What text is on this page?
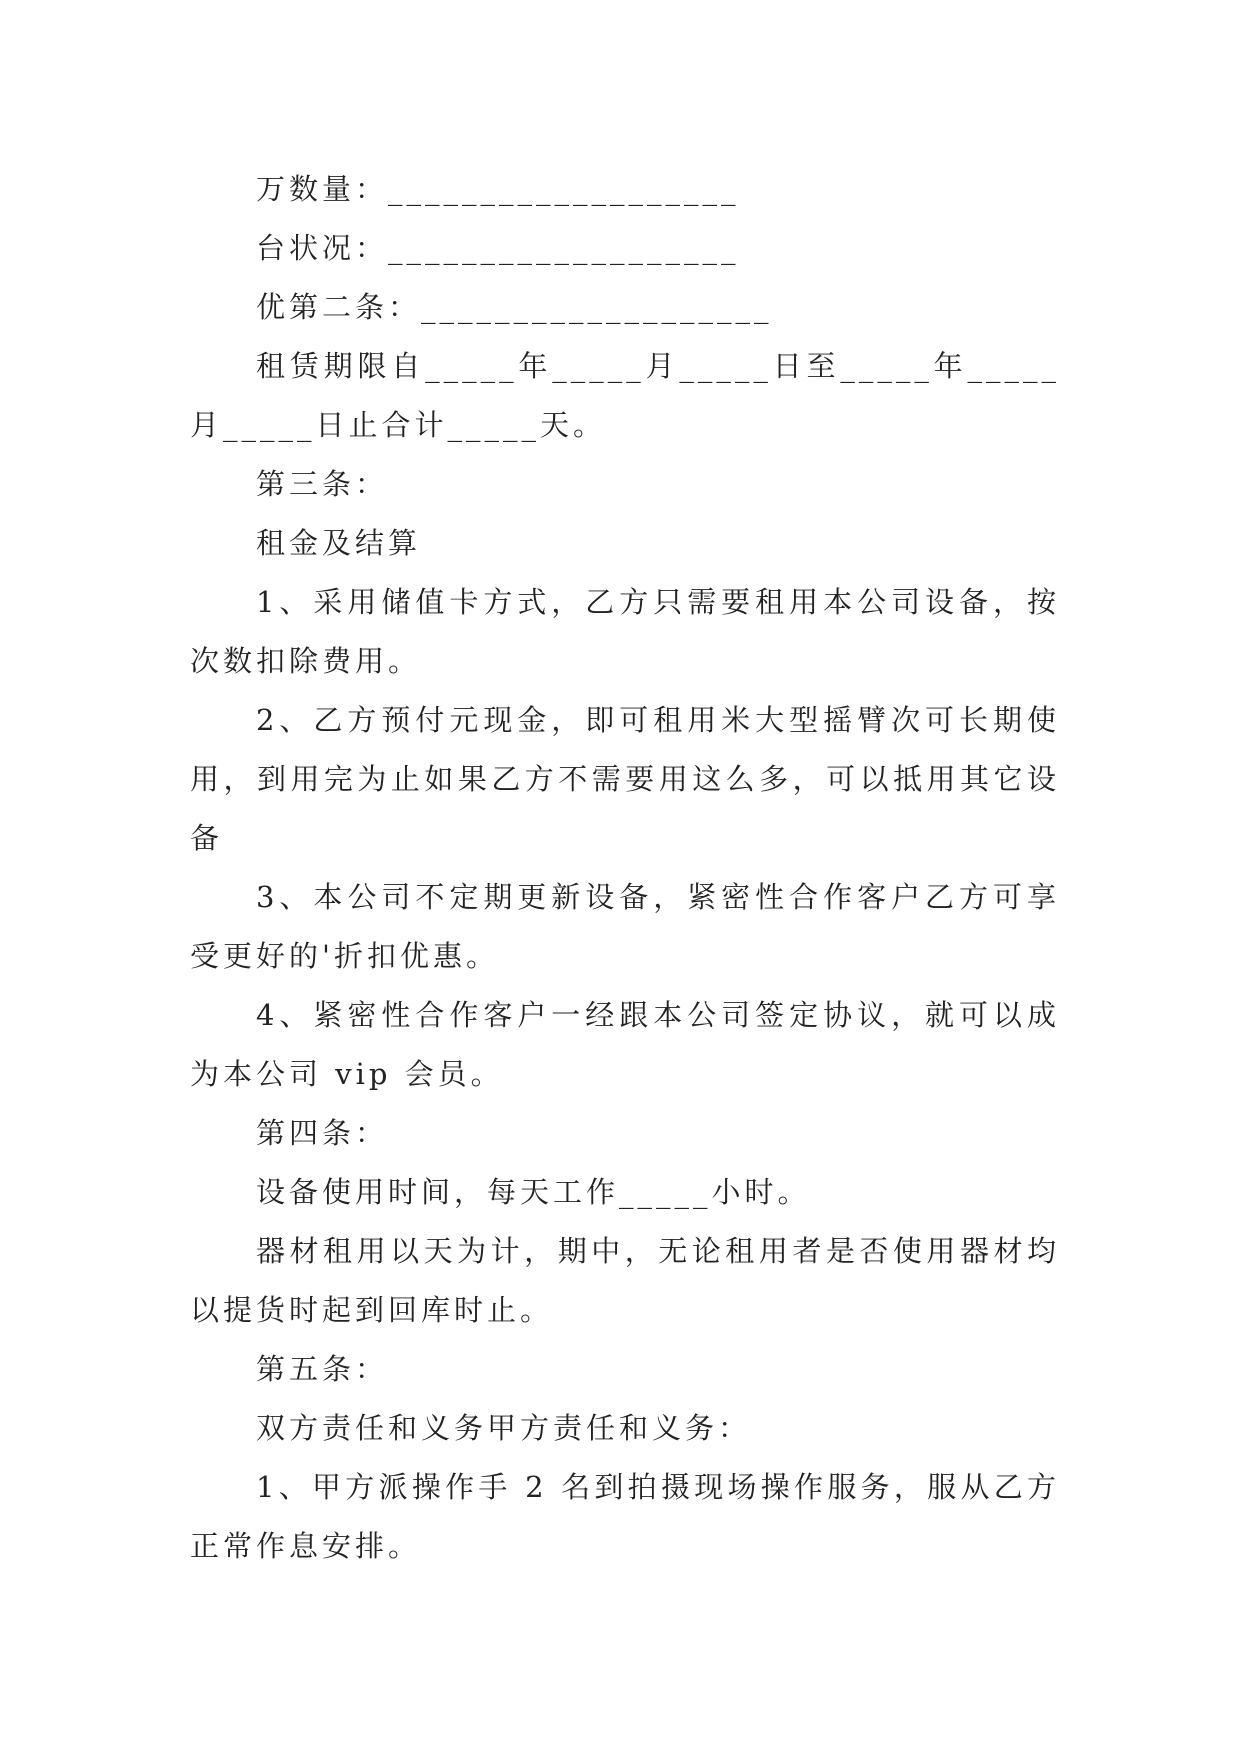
万数量：___________________

台状况：___________________

优第二条：___________________

租赁期限自_____年_____月_____日至_____年_____月_____日止合计_____天。

第三条：

租金及结算

1、采用储值卡方式，乙方只需要租用本公司设备，按次数扣除费用。

2、乙方预付元现金，即可租用米大型摇臂次可长期使用，到用完为止如果乙方不需要用这么多，可以抵用其它设备

3、本公司不定期更新设备，紧密性合作客户乙方可享受更好的'折扣优惠。

4、紧密性合作客户一经跟本公司签定协议，就可以成为本公司 vip 会员。

第四条：

设备使用时间，每天工作_____小时。

器材租用以天为计，期中，无论租用者是否使用器材均以提货时起到回库时止。

第五条：

双方责任和义务甲方责任和义务：

1、甲方派操作手 2 名到拍摄现场操作服务，服从乙方正常作息安排。
